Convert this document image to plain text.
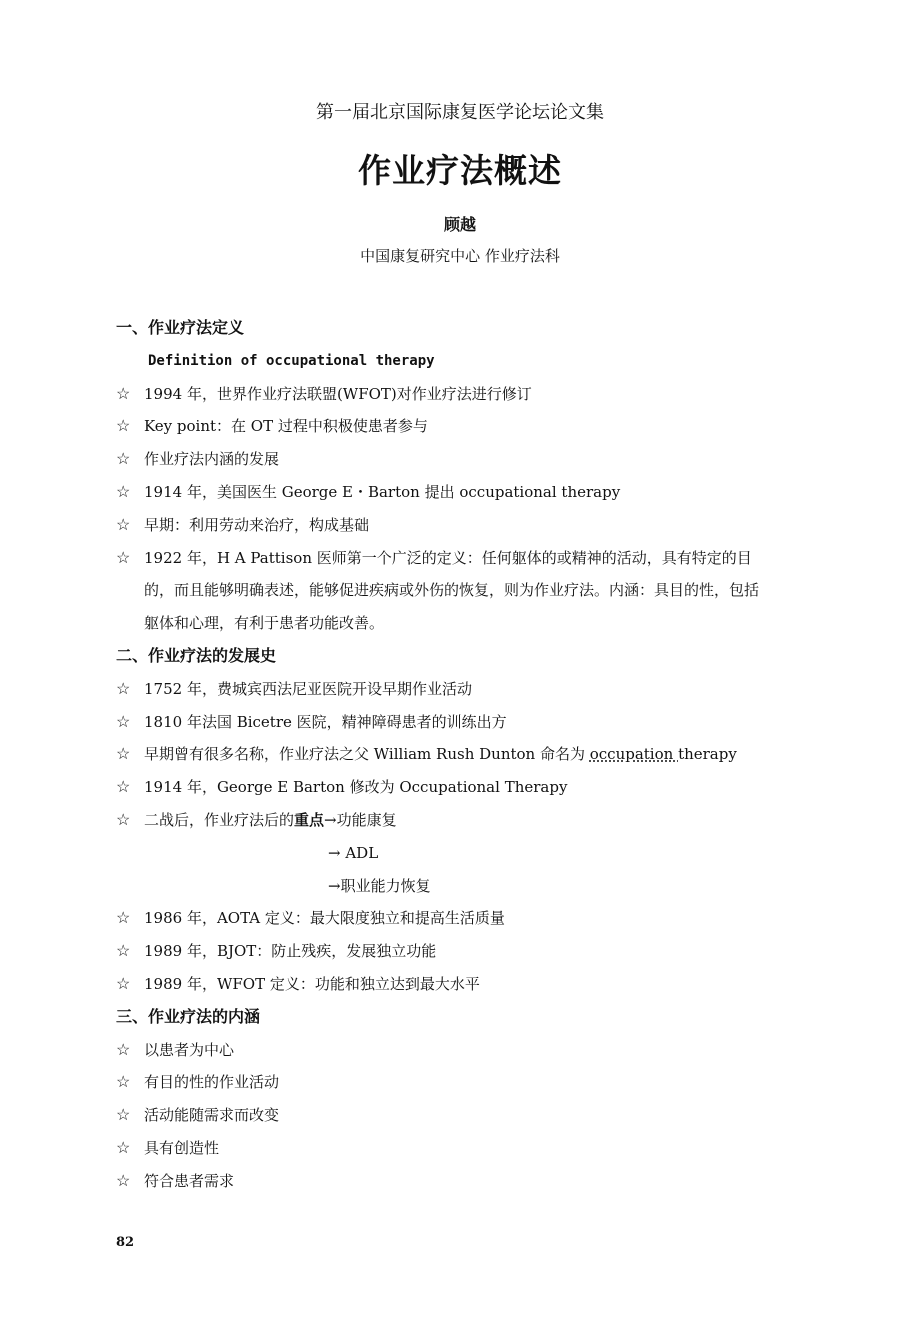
第一届北京国际康复医学论坛论文集
作业疗法概述
顾越
中国康复研究中心 作业疗法科
一、作业疗法定义
Definition of occupational therapy
☆ 1994 年，世界作业疗法联盟(WFOT)对作业疗法进行修订
☆ Key point：在 OT 过程中积极使患者参与
☆ 作业疗法内涵的发展
☆ 1914 年，美国医生 George E・Barton 提出 occupational therapy
☆ 早期：利用劳动来治疗，构成基础
☆ 1922 年，H A Pattison 医师第一个广泛的定义：任何躯体的或精神的活动，具有特定的目
的，而且能够明确表述，能够促进疾病或外伤的恢复，则为作业疗法。内涵：具目的性，包括
躯体和心理，有利于患者功能改善。
二、作业疗法的发展史
☆ 1752 年，费城宾西法尼亚医院开设早期作业活动
☆ 1810 年法国 Bicetre 医院，精神障碍患者的训练出方
☆ 早期曾有很多名称，作业疗法之父 William Rush Dunton 命名为 occupation therapy
☆ 1914 年，George E Barton 修改为 Occupational Therapy
☆ 二战后，作业疗法后的重点→功能康复
→ ADL
→职业能力恢复
☆ 1986 年，AOTA 定义：最大限度独立和提高生活质量
☆ 1989 年，BJOT：防止残疾，发展独立功能
☆ 1989 年，WFOT 定义：功能和独立达到最大水平
三、作业疗法的内涵
☆ 以患者为中心
☆ 有目的性的作业活动
☆ 活动能随需求而改变
☆ 具有创造性
☆ 符合患者需求
82
